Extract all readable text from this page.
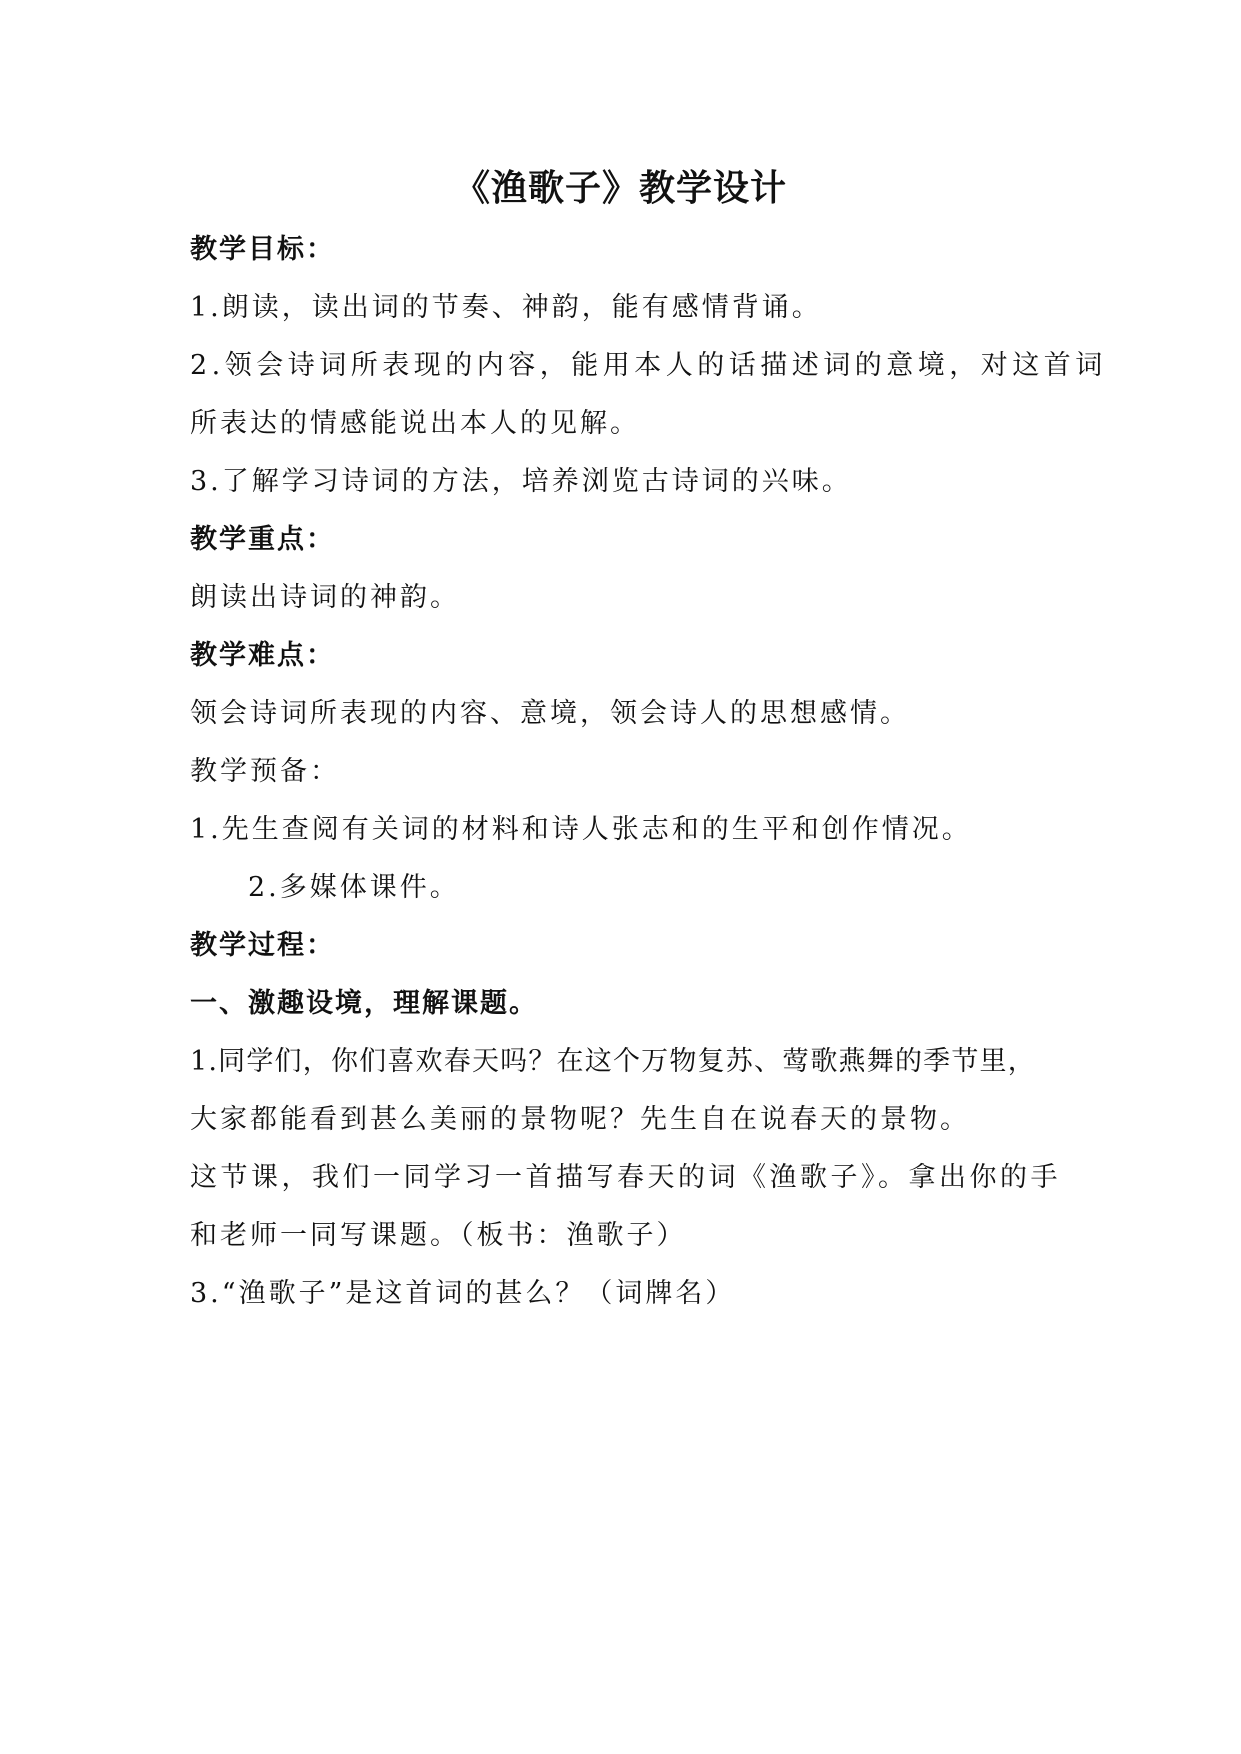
《渔歌子》教学设计
教学目标：
1.朗读，读出词的节奏、神韵，能有感情背诵。
2.领会诗词所表现的内容，能用本人的话描述词的意境，对这首词
所表达的情感能说出本人的见解。
3.了解学习诗词的方法，培养浏览古诗词的兴味。
教学重点：
朗读出诗词的神韵。
教学难点：
领会诗词所表现的内容、意境，领会诗人的思想感情。
教学预备：
1.先生查阅有关词的材料和诗人张志和的生平和创作情况。
2.多媒体课件。
教学过程：
一、激趣设境，理解课题。
1.同学们，你们喜欢春天吗？在这个万物复苏、莺歌燕舞的季节里，
大家都能看到甚么美丽的景物呢？先生自在说春天的景物。
这节课，我们一同学习一首描写春天的词《渔歌子》。拿出你的手
和老师一同写课题。（板书：渔歌子）
3.“渔歌子”是这首词的甚么？（词牌名）
